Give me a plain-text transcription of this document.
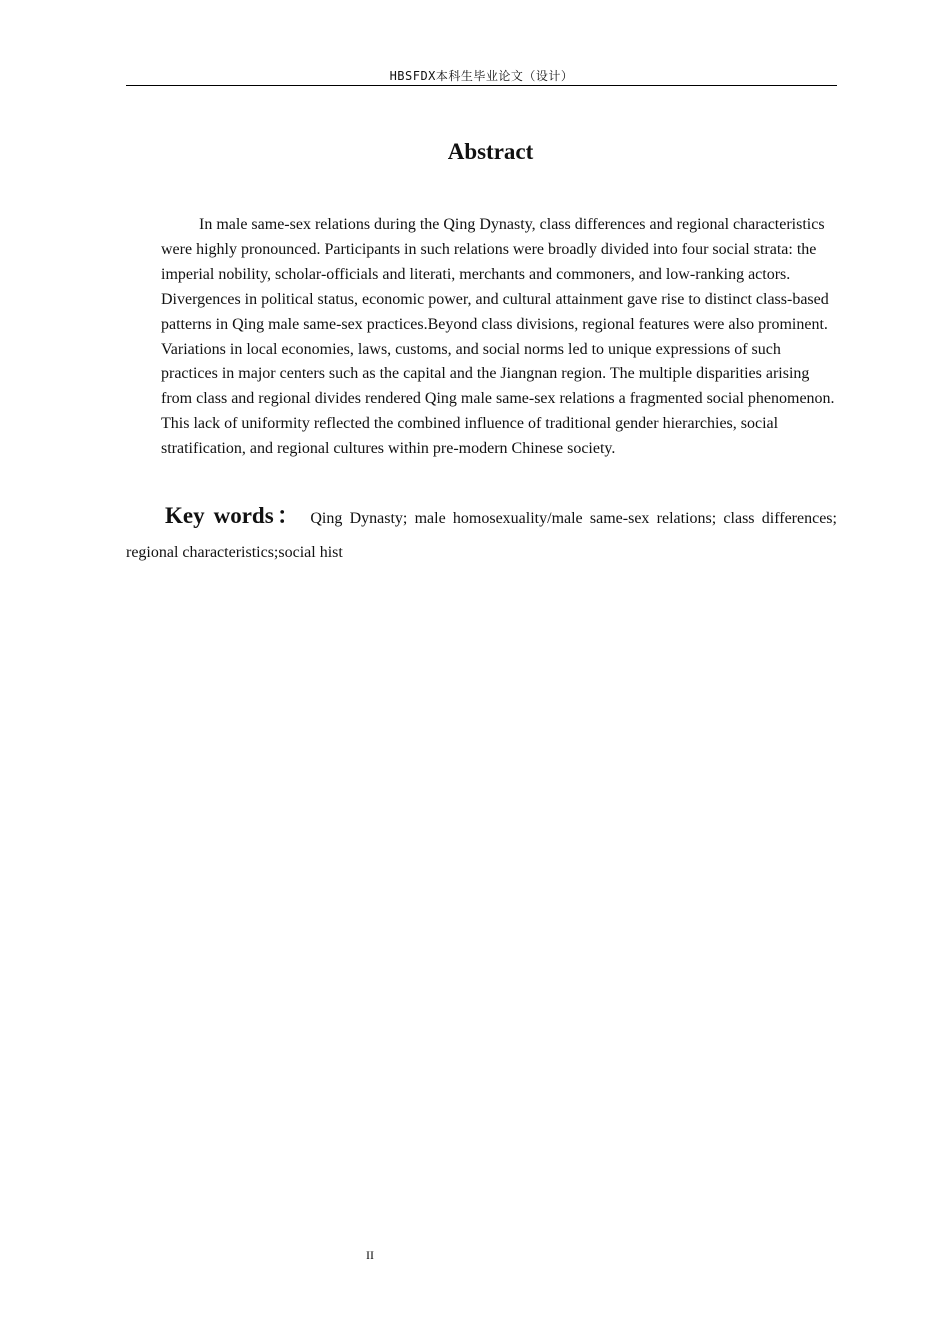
HBSFDX本科生毕业论文（设计）
Abstract

In male same-sex relations during the Qing Dynasty, class differences and regional characteristics were highly pronounced. Participants in such relations were broadly divided into four social strata: the imperial nobility, scholar-officials and literati, merchants and commoners, and low-ranking actors. Divergences in political status, economic power, and cultural attainment gave rise to distinct class-based patterns in Qing male same-sex practices.Beyond class divisions, regional features were also prominent. Variations in local economies, laws, customs, and social norms led to unique expressions of such practices in major centers such as the capital and the Jiangnan region. The multiple disparities arising from class and regional divides rendered Qing male same-sex relations a fragmented social phenomenon. This lack of uniformity reflected the combined influence of traditional gender hierarchies, social stratification, and regional cultures within pre-modern Chinese society.

Key words： Qing Dynasty; male homosexuality/male same-sex relations; class differences; regional characteristics;social hist

II
